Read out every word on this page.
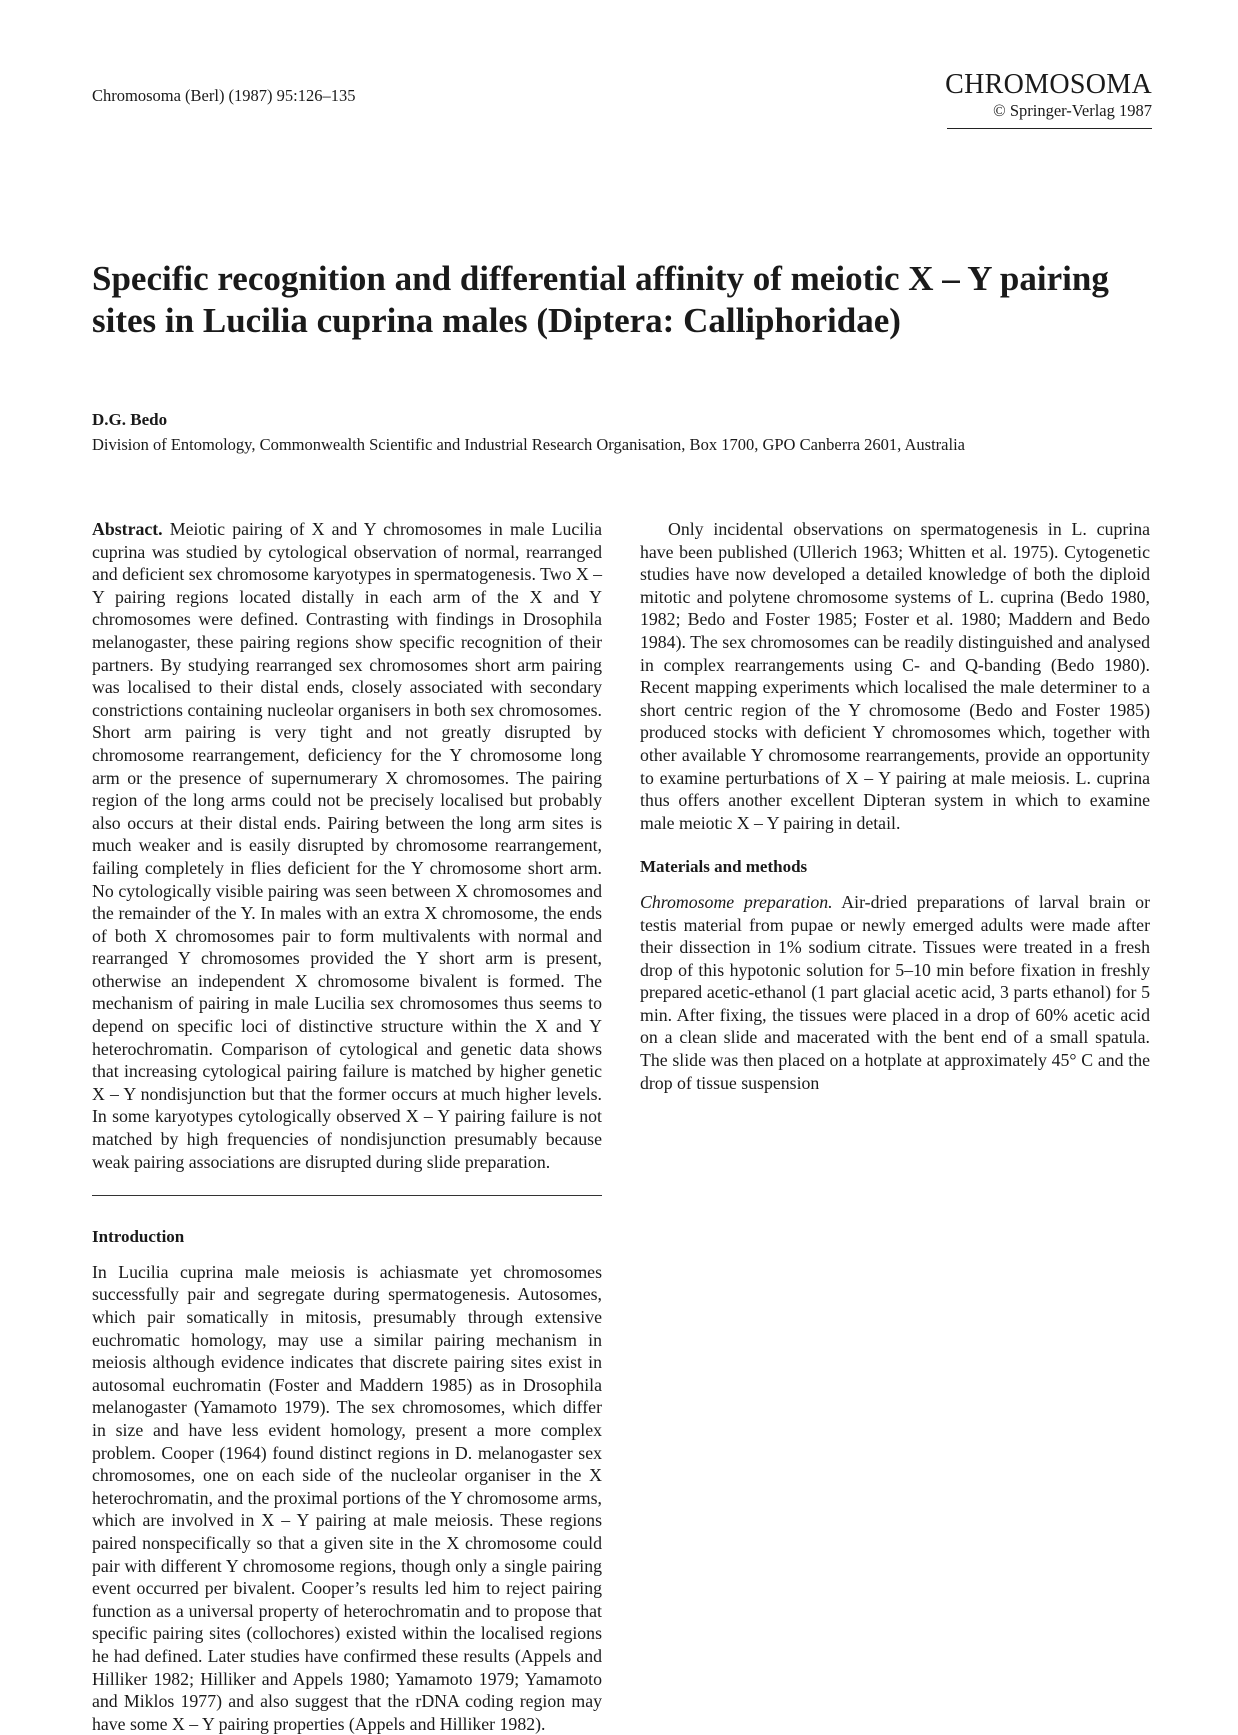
Chromosoma (Berl) (1987) 95:126–135	CHROMOSOMA
© Springer-Verlag 1987
Specific recognition and differential affinity of meiotic X – Y pairing sites in Lucilia cuprina males (Diptera: Calliphoridae)
D.G. Bedo
Division of Entomology, Commonwealth Scientific and Industrial Research Organisation, Box 1700, GPO Canberra 2601, Australia

Abstract. Meiotic pairing of X and Y chromosomes in male Lucilia cuprina was studied by cytological observation of normal, rearranged and deficient sex chromosome karyotypes in spermatogenesis. Two X – Y pairing regions located distally in each arm of the X and Y chromosomes were defined. Contrasting with findings in Drosophila melanogaster, these pairing regions show specific recognition of their partners. By studying rearranged sex chromosomes short arm pairing was localised to their distal ends, closely associated with secondary constrictions containing nucleolar organisers in both sex chromosomes. Short arm pairing is very tight and not greatly disrupted by chromosome rearrangement, deficiency for the Y chromosome long arm or the presence of supernumerary X chromosomes. The pairing region of the long arms could not be precisely localised but probably also occurs at their distal ends. Pairing between the long arm sites is much weaker and is easily disrupted by chromosome rearrangement, failing completely in flies deficient for the Y chromosome short arm. No cytologically visible pairing was seen between X chromosomes and the remainder of the Y. In males with an extra X chromosome, the ends of both X chromosomes pair to form multivalents with normal and rearranged Y chromosomes provided the Y short arm is present, otherwise an independent X chromosome bivalent is formed. The mechanism of pairing in male Lucilia sex chromosomes thus seems to depend on specific loci of distinctive structure within the X and Y heterochromatin. Comparison of cytological and genetic data shows that increasing cytological pairing failure is matched by higher genetic X – Y nondisjunction but that the former occurs at much higher levels. In some karyotypes cytologically observed X – Y pairing failure is not matched by high frequencies of nondisjunction presumably because weak pairing associations are disrupted during slide preparation.

Introduction

In Lucilia cuprina male meiosis is achiasmate yet chromosomes successfully pair and segregate during spermatogenesis. Autosomes, which pair somatically in mitosis, presumably through extensive euchromatic homology, may use a similar pairing mechanism in meiosis although evidence indicates that discrete pairing sites exist in autosomal euchromatin (Foster and Maddern 1985) as in Drosophila melanogaster (Yamamoto 1979). The sex chromosomes, which differ in size and have less evident homology, present a more complex problem. Cooper (1964) found distinct regions in D. melanogaster sex chromosomes, one on each side of the nucleolar organiser in the X heterochromatin, and the proximal portions of the Y chromosome arms, which are involved in X – Y pairing at male meiosis. These regions paired nonspecifically so that a given site in the X chromosome could pair with different Y chromosome regions, though only a single pairing event occurred per bivalent. Cooper’s results led him to reject pairing function as a universal property of heterochromatin and to propose that specific pairing sites (collochores) existed within the localised regions he had defined. Later studies have confirmed these results (Appels and Hilliker 1982; Hilliker and Appels 1980; Yamamoto 1979; Yamamoto and Miklos 1977) and also suggest that the rDNA coding region may have some X – Y pairing properties (Appels and Hilliker 1982).

Only incidental observations on spermatogenesis in L. cuprina have been published (Ullerich 1963; Whitten et al. 1975). Cytogenetic studies have now developed a detailed knowledge of both the diploid mitotic and polytene chromosome systems of L. cuprina (Bedo 1980, 1982; Bedo and Foster 1985; Foster et al. 1980; Maddern and Bedo 1984). The sex chromosomes can be readily distinguished and analysed in complex rearrangements using C- and Q-banding (Bedo 1980). Recent mapping experiments which localised the male determiner to a short centric region of the Y chromosome (Bedo and Foster 1985) produced stocks with deficient Y chromosomes which, together with other available Y chromosome rearrangements, provide an opportunity to examine perturbations of X – Y pairing at male meiosis. L. cuprina thus offers another excellent Dipteran system in which to examine male meiotic X – Y pairing in detail.

Materials and methods

Chromosome preparation. Air-dried preparations of larval brain or testis material from pupae or newly emerged adults were made after their dissection in 1% sodium citrate. Tissues were treated in a fresh drop of this hypotonic solution for 5–10 min before fixation in freshly prepared acetic-ethanol (1 part glacial acetic acid, 3 parts ethanol) for 5 min. After fixing, the tissues were placed in a drop of 60% acetic acid on a clean slide and macerated with the bent end of a small spatula. The slide was then placed on a hotplate at approximately 45° C and the drop of tissue suspension
